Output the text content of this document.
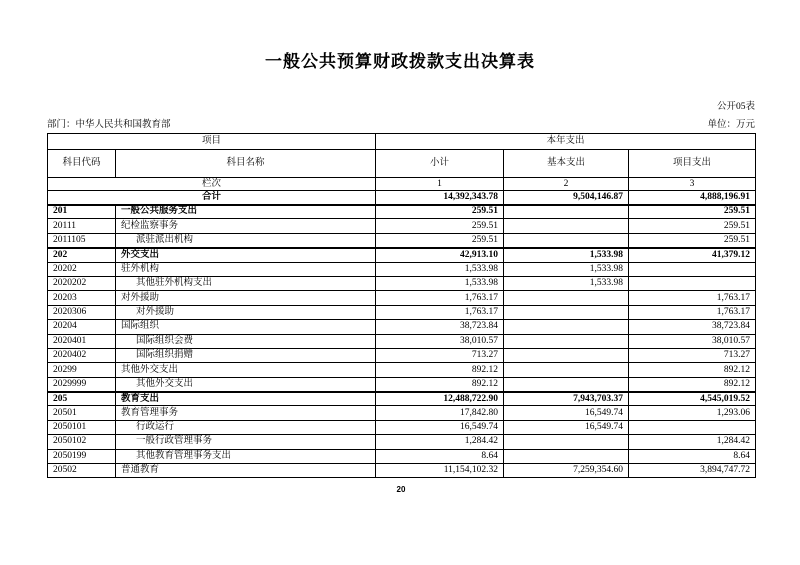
一般公共预算财政拨款支出决算表
公开05表
部门：中华人民共和国教育部	单位：万元
项目		本年支出		
科目代码	科目名称	小计	基本支出	项目支出
栏次		1	2	3
合计		14,392,343.78	9,504,146.87	4,888,196.91
201	一般公共服务支出	259.51		259.51
20111	纪检监察事务	259.51		259.51
2011105	派驻派出机构	259.51		259.51
202	外交支出	42,913.10	1,533.98	41,379.12
20202	驻外机构	1,533.98	1,533.98	
2020202	其他驻外机构支出	1,533.98	1,533.98	
20203	对外援助	1,763.17		1,763.17
2020306	对外援助	1,763.17		1,763.17
20204	国际组织	38,723.84		38,723.84
2020401	国际组织会费	38,010.57		38,010.57
2020402	国际组织捐赠	713.27		713.27
20299	其他外交支出	892.12		892.12
2029999	其他外交支出	892.12		892.12
205	教育支出	12,488,722.90	7,943,703.37	4,545,019.52
20501	教育管理事务	17,842.80	16,549.74	1,293.06
2050101	行政运行	16,549.74	16,549.74	
2050102	一般行政管理事务	1,284.42		1,284.42
2050199	其他教育管理事务支出	8.64		8.64
20502	普通教育	11,154,102.32	7,259,354.60	3,894,747.72
20
